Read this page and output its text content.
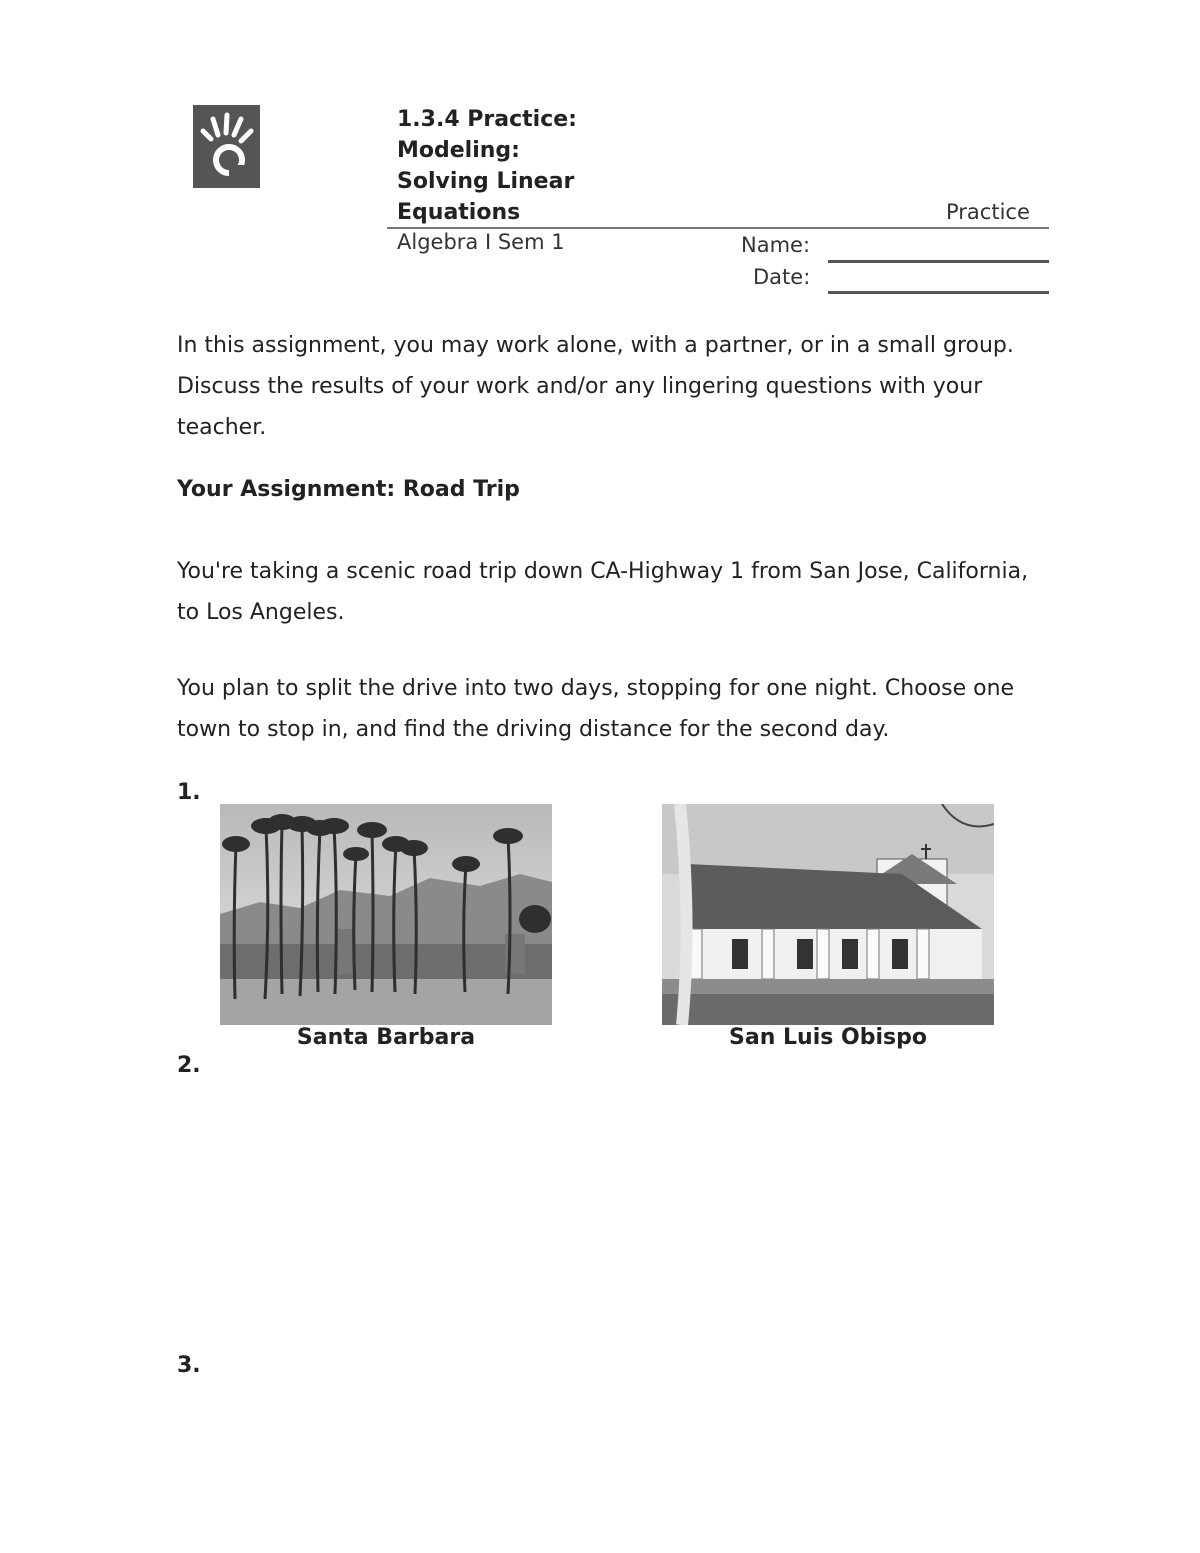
1.3.4 Practice:
Modeling:
Solving Linear
Equations	Practice
Algebra I Sem 1	Name:
Date:
In this assignment, you may work alone, with a partner, or in a small group. Discuss the results of your work and/or any lingering questions with your teacher.
Your Assignment: Road Trip
You're taking a scenic road trip down CA-Highway 1 from San Jose, California, to Los Angeles.
You plan to split the drive into two days, stopping for one night. Choose one town to stop in, and find the driving distance for the second day.
1.
Santa Barbara	San Luis Obispo
2.
3.
